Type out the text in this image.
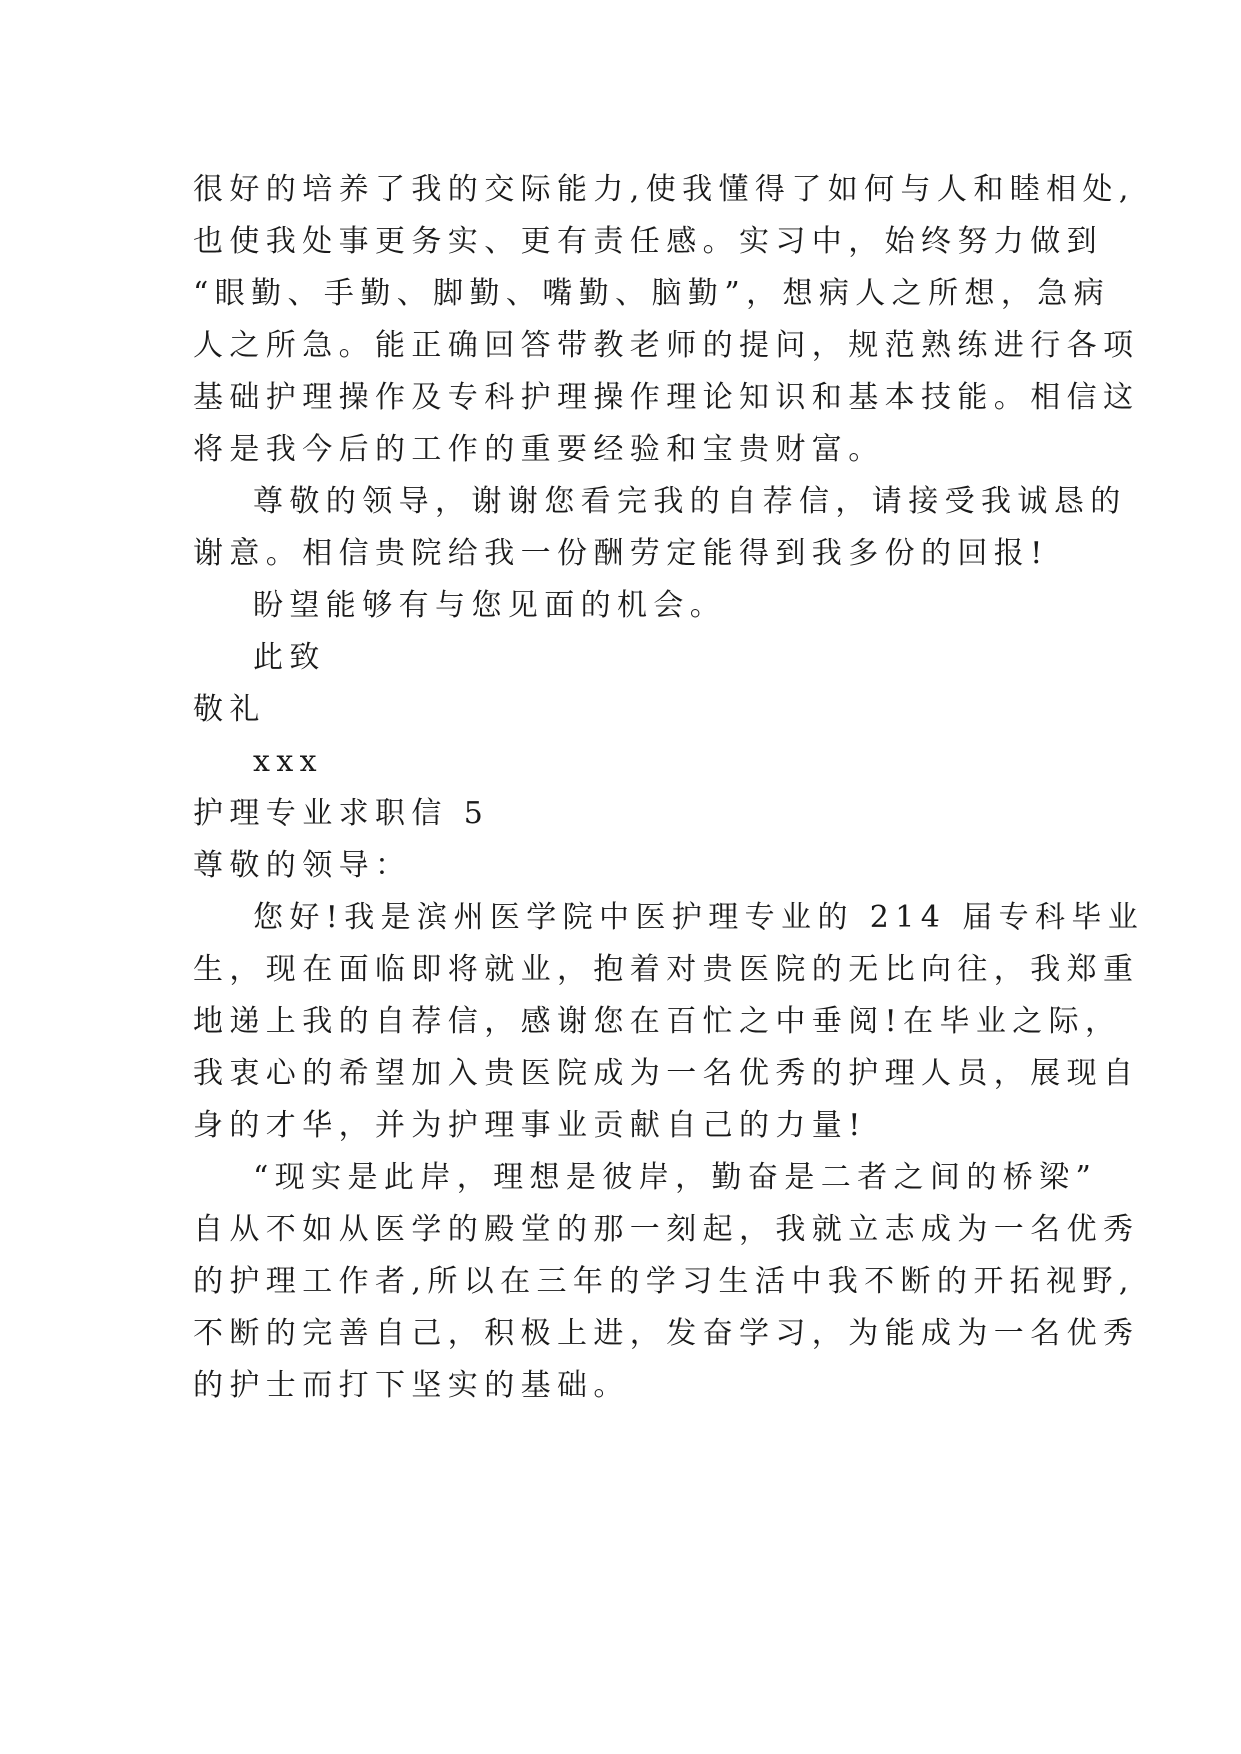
很好的培养了我的交际能力,使我懂得了如何与人和睦相处,
也使我处事更务实、更有责任感。实习中，始终努力做到
“眼勤、手勤、脚勤、嘴勤、脑勤”，想病人之所想，急病
人之所急。能正确回答带教老师的提问，规范熟练进行各项
基础护理操作及专科护理操作理论知识和基本技能。相信这
将是我今后的工作的重要经验和宝贵财富。
尊敬的领导，谢谢您看完我的自荐信，请接受我诚恳的
谢意。相信贵院给我一份酬劳定能得到我多份的回报!
盼望能够有与您见面的机会。
此致
敬礼
xxx
护理专业求职信 5
尊敬的领导：
您好!我是滨州医学院中医护理专业的 214 届专科毕业
生，现在面临即将就业，抱着对贵医院的无比向往，我郑重
地递上我的自荐信，感谢您在百忙之中垂阅!在毕业之际，
我衷心的希望加入贵医院成为一名优秀的护理人员，展现自
身的才华，并为护理事业贡献自己的力量!
“现实是此岸，理想是彼岸，勤奋是二者之间的桥梁”
自从不如从医学的殿堂的那一刻起，我就立志成为一名优秀
的护理工作者,所以在三年的学习生活中我不断的开拓视野,
不断的完善自己，积极上进，发奋学习，为能成为一名优秀
的护士而打下坚实的基础。
